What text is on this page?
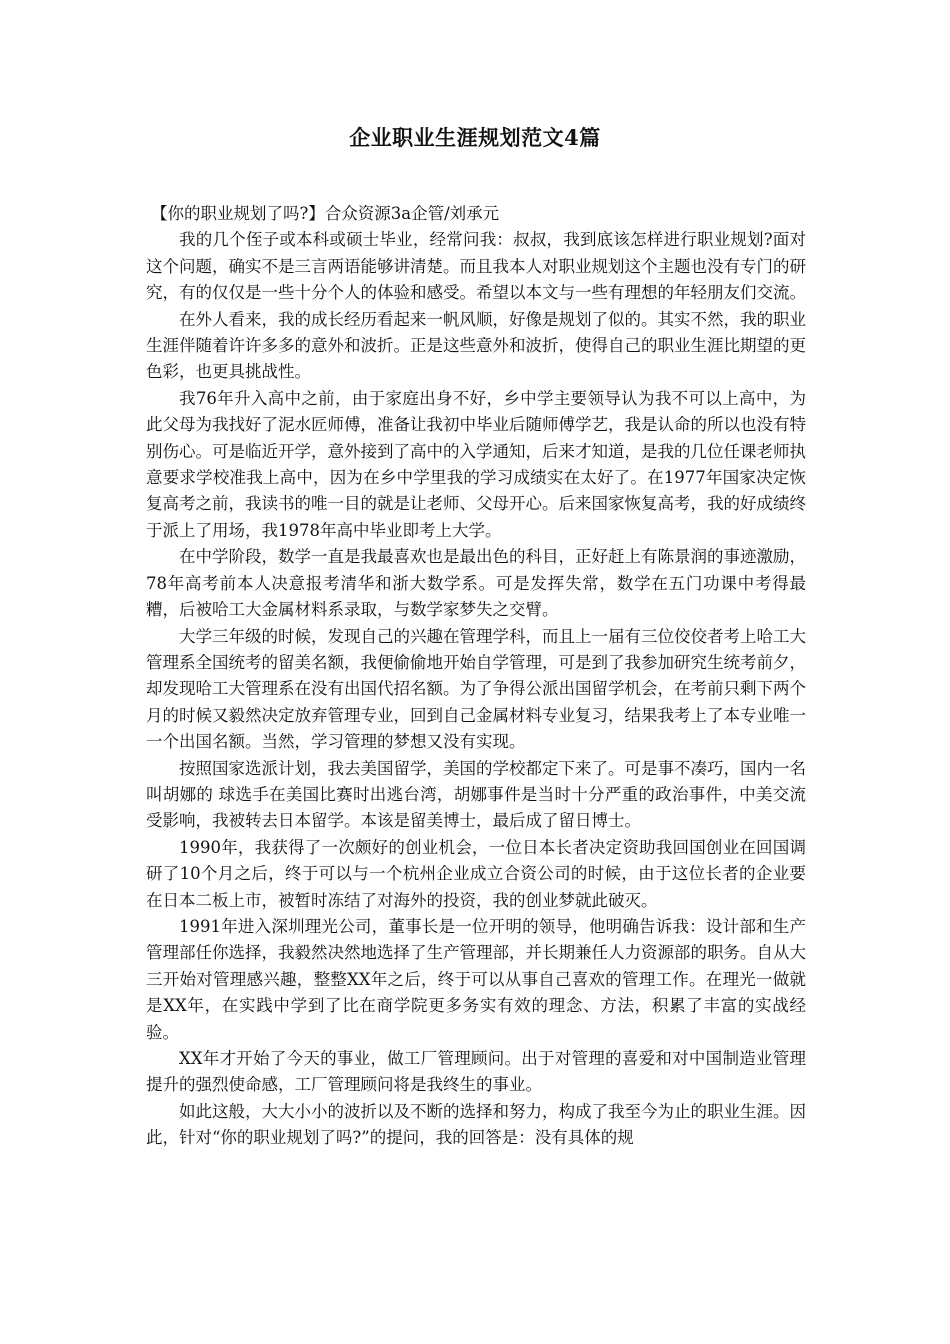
企业职业生涯规划范文4篇

【你的职业规划了吗?】合众资源3a企管/刘承元

我的几个侄子或本科或硕士毕业，经常问我：叔叔，我到底该怎样进行职业规划?面对这个问题，确实不是三言两语能够讲清楚。而且我本人对职业规划这个主题也没有专门的研究，有的仅仅是一些十分个人的体验和感受。希望以本文与一些有理想的年轻朋友们交流。

在外人看来，我的成长经历看起来一帆风顺，好像是规划了似的。其实不然，我的职业生涯伴随着许许多多的意外和波折。正是这些意外和波折，使得自己的职业生涯比期望的更色彩，也更具挑战性。

我76年升入高中之前，由于家庭出身不好，乡中学主要领导认为我不可以上高中，为此父母为我找好了泥水匠师傅，准备让我初中毕业后随师傅学艺，我是认命的所以也没有特别伤心。可是临近开学，意外接到了高中的入学通知，后来才知道，是我的几位任课老师执意要求学校准我上高中，因为在乡中学里我的学习成绩实在太好了。在1977年国家决定恢复高考之前，我读书的唯一目的就是让老师、父母开心。后来国家恢复高考，我的好成绩终于派上了用场，我1978年高中毕业即考上大学。

在中学阶段，数学一直是我最喜欢也是最出色的科目，正好赶上有陈景润的事迹激励，78年高考前本人决意报考清华和浙大数学系。可是发挥失常，数学在五门功课中考得最糟，后被哈工大金属材料系录取，与数学家梦失之交臂。

大学三年级的时候，发现自己的兴趣在管理学科，而且上一届有三位佼佼者考上哈工大管理系全国统考的留美名额，我便偷偷地开始自学管理，可是到了我参加研究生统考前夕，却发现哈工大管理系在没有出国代招名额。为了争得公派出国留学机会，在考前只剩下两个月的时候又毅然决定放弃管理专业，回到自己金属材料专业复习，结果我考上了本专业唯一一个出国名额。当然，学习管理的梦想又没有实现。

按照国家选派计划，我去美国留学，美国的学校都定下来了。可是事不凑巧，国内一名叫胡娜的 球选手在美国比赛时出逃台湾，胡娜事件是当时十分严重的政治事件，中美交流受影响，我被转去日本留学。本该是留美博士，最后成了留日博士。

1990年，我获得了一次颇好的创业机会，一位日本长者决定资助我回国创业在回国调研了10个月之后，终于可以与一个杭州企业成立合资公司的时候，由于这位长者的企业要在日本二板上市，被暂时冻结了对海外的投资，我的创业梦就此破灭。

1991年进入深圳理光公司，董事长是一位开明的领导，他明确告诉我：设计部和生产管理部任你选择，我毅然决然地选择了生产管理部，并长期兼任人力资源部的职务。自从大三开始对管理感兴趣，整整XX年之后，终于可以从事自己喜欢的管理工作。在理光一做就是XX年，在实践中学到了比在商学院更多务实有效的理念、方法，积累了丰富的实战经验。

XX年才开始了今天的事业，做工厂管理顾问。出于对管理的喜爱和对中国制造业管理提升的强烈使命感，工厂管理顾问将是我终生的事业。

如此这般，大大小小的波折以及不断的选择和努力，构成了我至今为止的职业生涯。因此，针对“你的职业规划了吗?”的提问，我的回答是：没有具体的规
